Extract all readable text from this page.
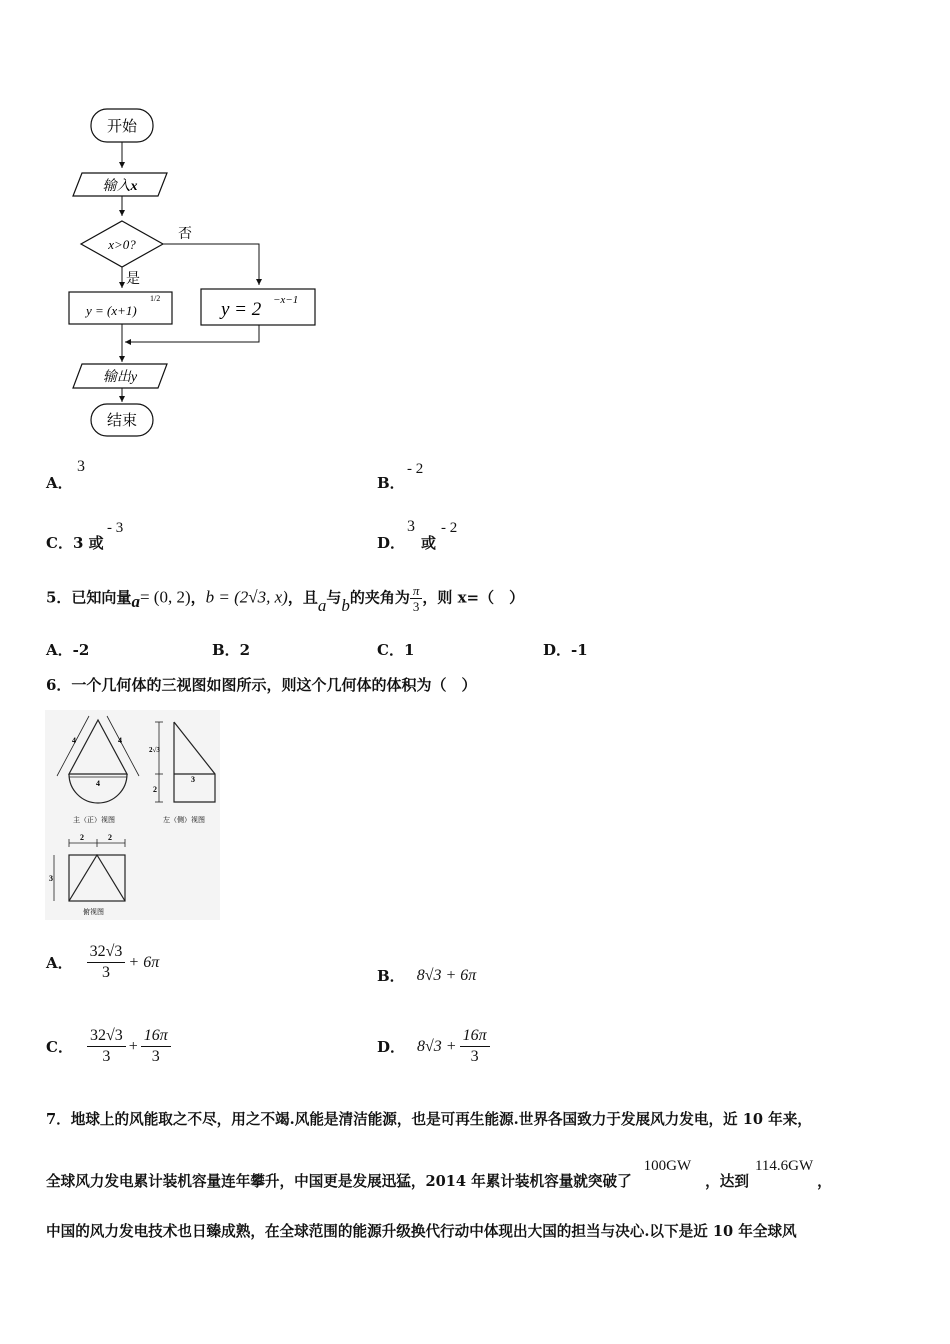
开始
输入x
x>0?
否
是
y = (x+1)
1/2
y = 2 −x−1
输出y
结束
A．
3
B．
- 2
C．3 或
- 3
D．
3
或
- 2
5．已知向量a= (0, 2)，b = (2√3, x)，且a与b的夹角为 $\frac{\pi}{3}$ ，则 x=（　）
A．-2	B．2	C．1	D．-1
6．一个几何体的三视图如图所示，则这个几何体的体积为（　）
4	4
4
主（正）视图
2√3
3
2
左（侧）视图
2	2
3
俯视图
A． $\frac{32√3}{3} + 6\pi$
B． 8√3 + 6π
C． $\frac{32√3}{3} + \frac{16\pi}{3}$	D． $8√3 + \frac{16\pi}{3}$
7．地球上的风能取之不尽，用之不竭.风能是清洁能源，也是可再生能源.世界各国致力于发展风力发电，近 10 年来，
全球风力发电累计装机容量连年攀升，中国更是发展迅猛，2014 年累计装机容量就突破了
100GW
，达到
114.6GW
，
中国的风力发电技术也日臻成熟，在全球范围的能源升级换代行动中体现出大国的担当与决心.以下是近 10 年全球风
